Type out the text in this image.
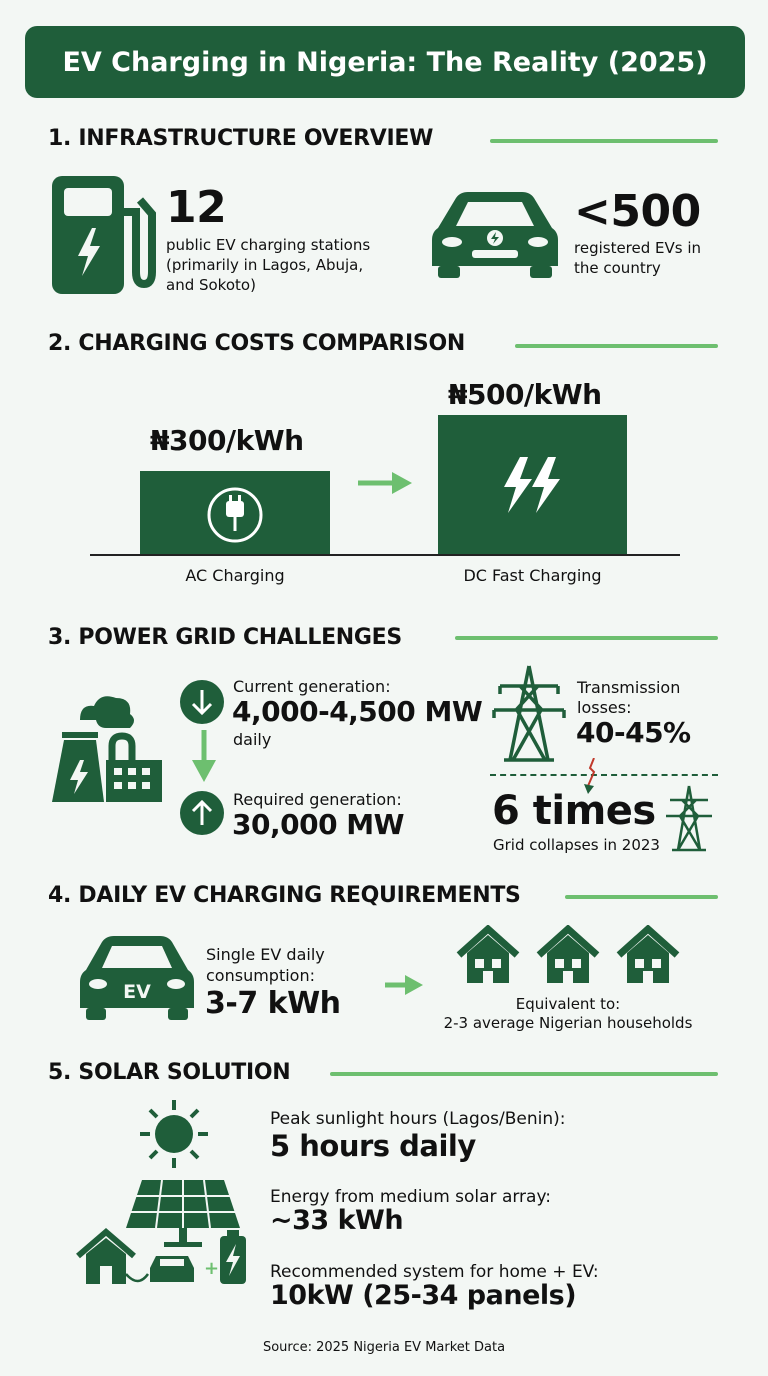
EV Charging in Nigeria: The Reality (2025)
1. INFRASTRUCTURE OVERVIEW
12
public EV charging stations
(primarily in Lagos, Abuja,
and Sokoto)
<500
registered EVs in
the country
2. CHARGING COSTS COMPARISON
₦300/kWh
₦500/kWh
AC Charging	DC Fast Charging
3. POWER GRID CHALLENGES
Current generation:
4,000-4,500 MW
daily
Required generation:
30,000 MW
Transmission
losses:
40-45%
6 times
Grid collapses in 2023
4. DAILY EV CHARGING REQUIREMENTS
EV
Single EV daily
consumption:
3-7 kWh	Equivalent to:
2-3 average Nigerian households
5. SOLAR SOLUTION
Peak sunlight hours (Lagos/Benin):
5 hours daily
Energy from medium solar array:
~33 kWh
+	Recommended system for home + EV:
10kW (25-34 panels)
Source: 2025 Nigeria EV Market Data
